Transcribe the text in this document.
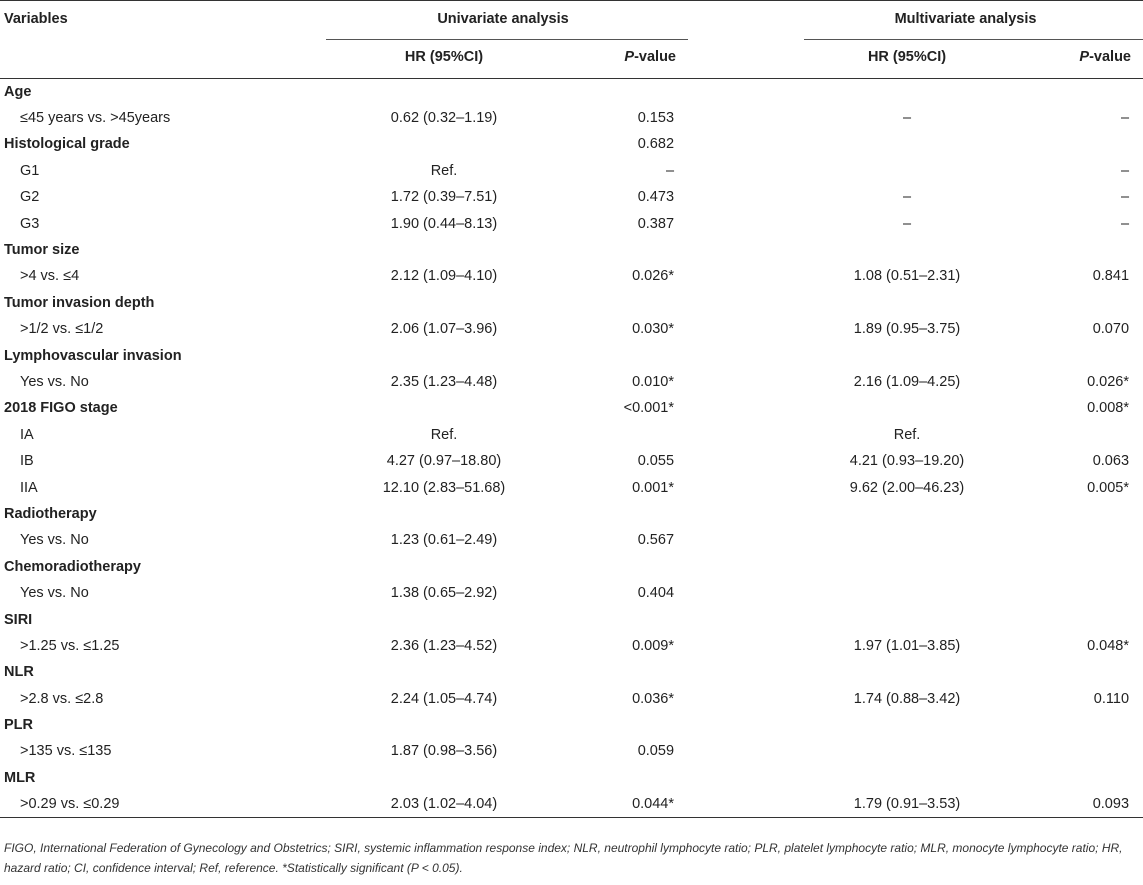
Variables	Univariate analysis			Multivariate analysis	

	HR (95%CI)	P-value		HR (95%CI)	P-value
Age					
≤45 years vs. >45years	0.62 (0.32–1.19)	0.153		–	–
Histological grade		0.682			
G1	Ref.	–			–
G2	1.72 (0.39–7.51)	0.473		–	–
G3	1.90 (0.44–8.13)	0.387		–	–
Tumor size					
>4 vs. ≤4	2.12 (1.09–4.10)	0.026*		1.08 (0.51–2.31)	0.841
Tumor invasion depth					
>1/2 vs. ≤1/2	2.06 (1.07–3.96)	0.030*		1.89 (0.95–3.75)	0.070
Lymphovascular invasion					
Yes vs. No	2.35 (1.23–4.48)	0.010*		2.16 (1.09–4.25)	0.026*
2018 FIGO stage		<0.001*			0.008*
IA	Ref.			Ref.	
IB	4.27 (0.97–18.80)	0.055		4.21 (0.93–19.20)	0.063
IIA	12.10 (2.83–51.68)	0.001*		9.62 (2.00–46.23)	0.005*
Radiotherapy					
Yes vs. No	1.23 (0.61–2.49)	0.567			
Chemoradiotherapy					
Yes vs. No	1.38 (0.65–2.92)	0.404			
SIRI					
>1.25 vs. ≤1.25	2.36 (1.23–4.52)	0.009*		1.97 (1.01–3.85)	0.048*
NLR					
>2.8 vs. ≤2.8	2.24 (1.05–4.74)	0.036*		1.74 (0.88–3.42)	0.110
PLR					
>135 vs. ≤135	1.87 (0.98–3.56)	0.059			
MLR					
>0.29 vs. ≤0.29	2.03 (1.02–4.04)	0.044*		1.79 (0.91–3.53)	0.093
FIGO, International Federation of Gynecology and Obstetrics; SIRI, systemic inflammation response index; NLR, neutrophil lymphocyte ratio; PLR, platelet lymphocyte ratio; MLR, monocyte lymphocyte ratio; HR, hazard ratio; CI, confidence interval; Ref, reference. *Statistically significant (P < 0.05).
